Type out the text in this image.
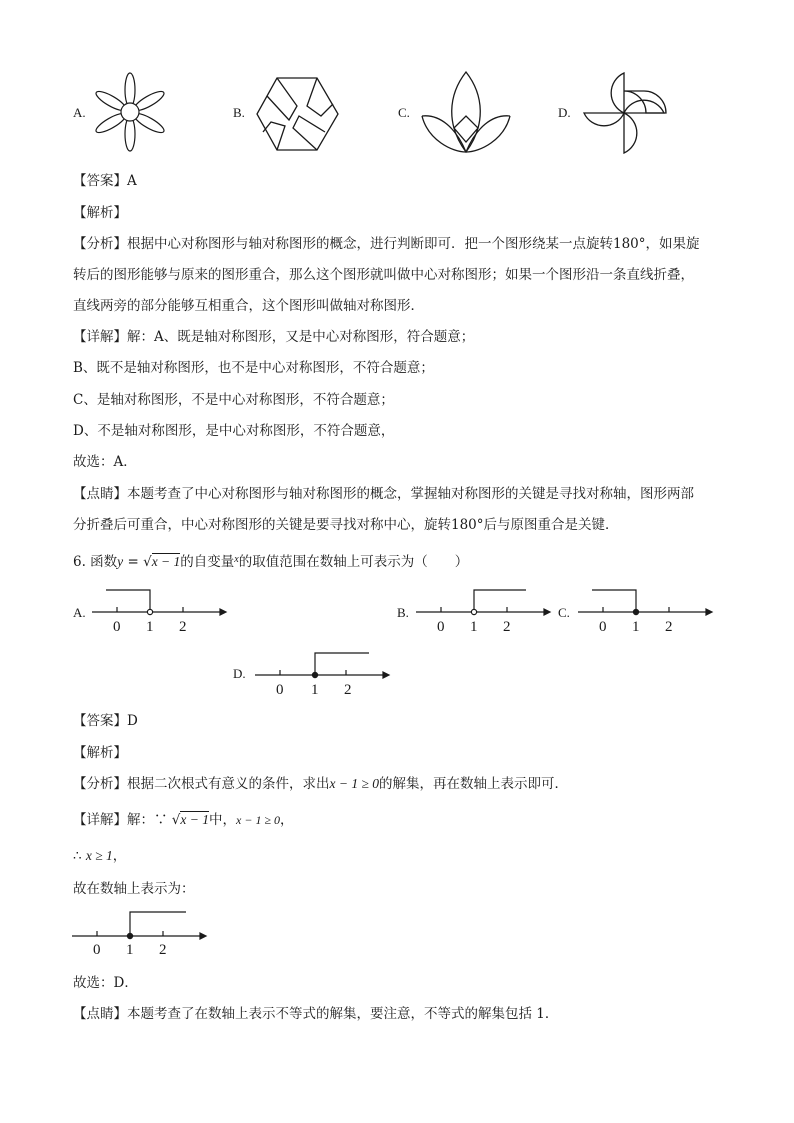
A.	B.	C.	D.
【答案】A
【解析】
【分析】根据中心对称图形与轴对称图形的概念，进行判断即可．把一个图形绕某一点旋转180°，如果旋
转后的图形能够与原来的图形重合，那么这个图形就叫做中心对称图形；如果一个图形沿一条直线折叠，
直线两旁的部分能够互相重合，这个图形叫做轴对称图形．
【详解】解：A、既是轴对称图形，又是中心对称图形，符合题意；
B、既不是轴对称图形，也不是中心对称图形，不符合题意；
C、是轴对称图形，不是中心对称图形，不符合题意；
D、不是轴对称图形，是中心对称图形，不符合题意，
故选：A．
【点睛】本题考查了中心对称图形与轴对称图形的概念，掌握轴对称图形的关键是寻找对称轴，图形两部
分折叠后可重合，中心对称图形的关键是要寻找对称中心，旋转180°后与原图重合是关键．
6. 函数y = √x − 1的自变量$^x$的取值范围在数轴上可表示为（　　）
A.
0 1 2
B.
0 1 2
C.
0 1 2
D.
0 1 2
【答案】D
【解析】
【分析】根据二次根式有意义的条件，求出x − 1 ≥ 0的解集，再在数轴上表示即可．
【详解】解：∵ √x − 1中，x − 1 ≥ 0，
∴ x ≥ 1，
故在数轴上表示为：
0 1 2
故选：D．
【点睛】本题考查了在数轴上表示不等式的解集，要注意，不等式的解集包括 1．
